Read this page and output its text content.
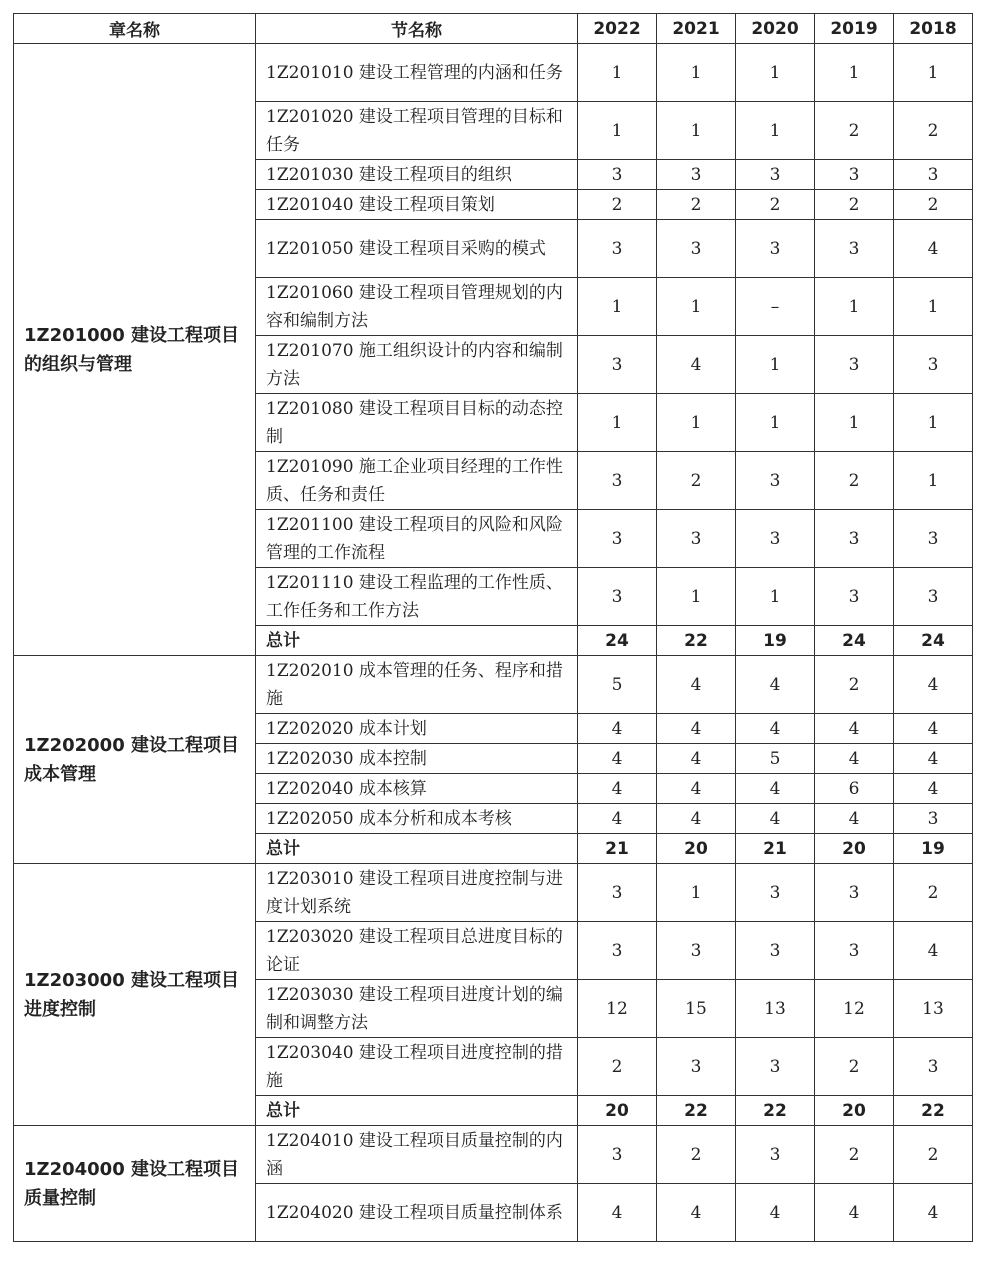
章名称	节名称	2022	2021	2020	2019	2018
1Z201000 建设工程项目的组织与管理	1Z201010 建设工程管理的内涵和任务	1	1	1	1	1
	1Z201020 建设工程项目管理的目标和任务	1	1	1	2	2
	1Z201030 建设工程项目的组织	3	3	3	3	3
	1Z201040 建设工程项目策划	2	2	2	2	2
	1Z201050 建设工程项目采购的模式	3	3	3	3	4
	1Z201060 建设工程项目管理规划的内容和编制方法	1	1	–	1	1
	1Z201070 施工组织设计的内容和编制方法	3	4	1	3	3
	1Z201080 建设工程项目目标的动态控制	1	1	1	1	1
	1Z201090 施工企业项目经理的工作性质、任务和责任	3	2	3	2	1
	1Z201100 建设工程项目的风险和风险管理的工作流程	3	3	3	3	3
	1Z201110 建设工程监理的工作性质、工作任务和工作方法	3	1	1	3	3
	总计	24	22	19	24	24
1Z202000 建设工程项目成本管理	1Z202010 成本管理的任务、程序和措施	5	4	4	2	4
	1Z202020 成本计划	4	4	4	4	4
	1Z202030 成本控制	4	4	5	4	4
	1Z202040 成本核算	4	4	4	6	4
	1Z202050 成本分析和成本考核	4	4	4	4	3
	总计	21	20	21	20	19
1Z203000 建设工程项目进度控制	1Z203010 建设工程项目进度控制与进度计划系统	3	1	3	3	2
	1Z203020 建设工程项目总进度目标的论证	3	3	3	3	4
	1Z203030 建设工程项目进度计划的编制和调整方法	12	15	13	12	13
	1Z203040 建设工程项目进度控制的措施	2	3	3	2	3
	总计	20	22	22	20	22
1Z204000 建设工程项目质量控制	1Z204010 建设工程项目质量控制的内涵	3	2	3	2	2
	1Z204020 建设工程项目质量控制体系	4	4	4	4	4
